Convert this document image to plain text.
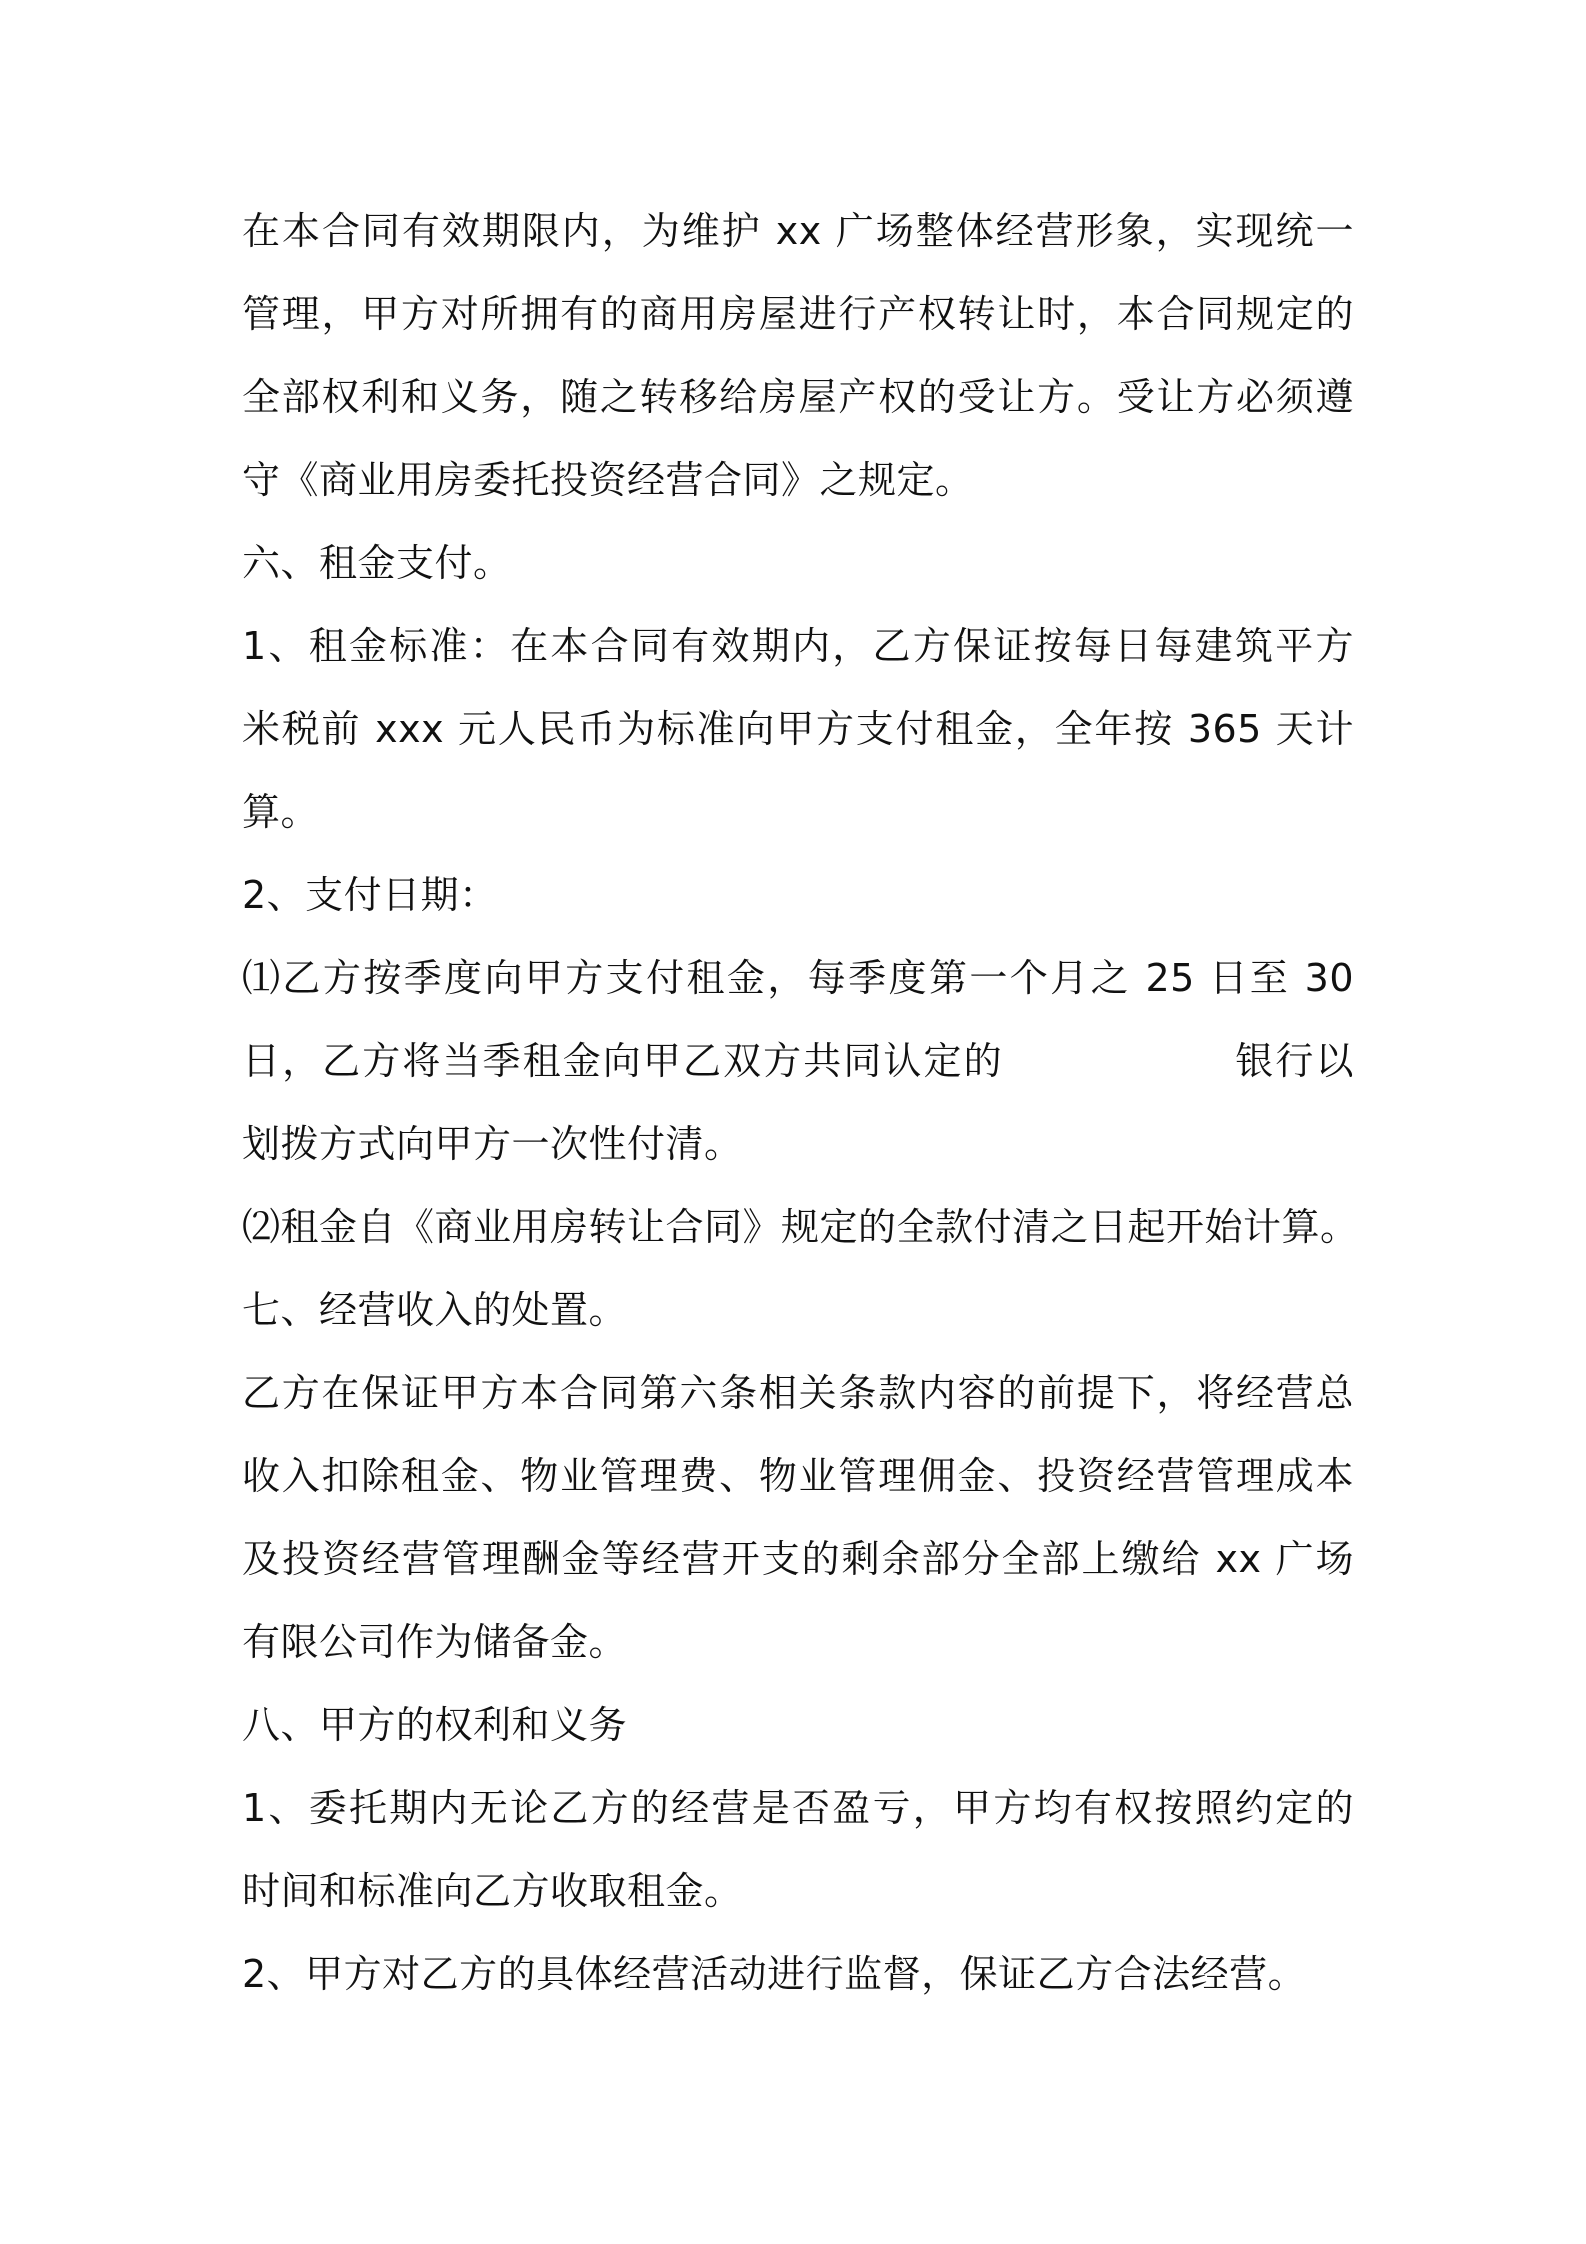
在本合同有效期限内，为维护 xx 广场整体经营形象，实现统一
管理，甲方对所拥有的商用房屋进行产权转让时，本合同规定的
全部权利和义务，随之转移给房屋产权的受让方。受让方必须遵
守《商业用房委托投资经营合同》之规定。
六、租金支付。
1、租金标准：在本合同有效期内，乙方保证按每日每建筑平方
米税前 xxx 元人民币为标准向甲方支付租金，全年按 365 天计
算。
2、支付日期：
⑴乙方按季度向甲方支付租金，每季度第一个月之 25 日至 30
日，乙方将当季租金向甲乙双方共同认定的	银行以
划拨方式向甲方一次性付清。
⑵租金自《商业用房转让合同》规定的全款付清之日起开始计算。
七、经营收入的处置。
乙方在保证甲方本合同第六条相关条款内容的前提下，将经营总
收入扣除租金、物业管理费、物业管理佣金、投资经营管理成本
及投资经营管理酬金等经营开支的剩余部分全部上缴给 xx 广场
有限公司作为储备金。
八、甲方的权利和义务
1、委托期内无论乙方的经营是否盈亏，甲方均有权按照约定的
时间和标准向乙方收取租金。
2、甲方对乙方的具体经营活动进行监督，保证乙方合法经营。
